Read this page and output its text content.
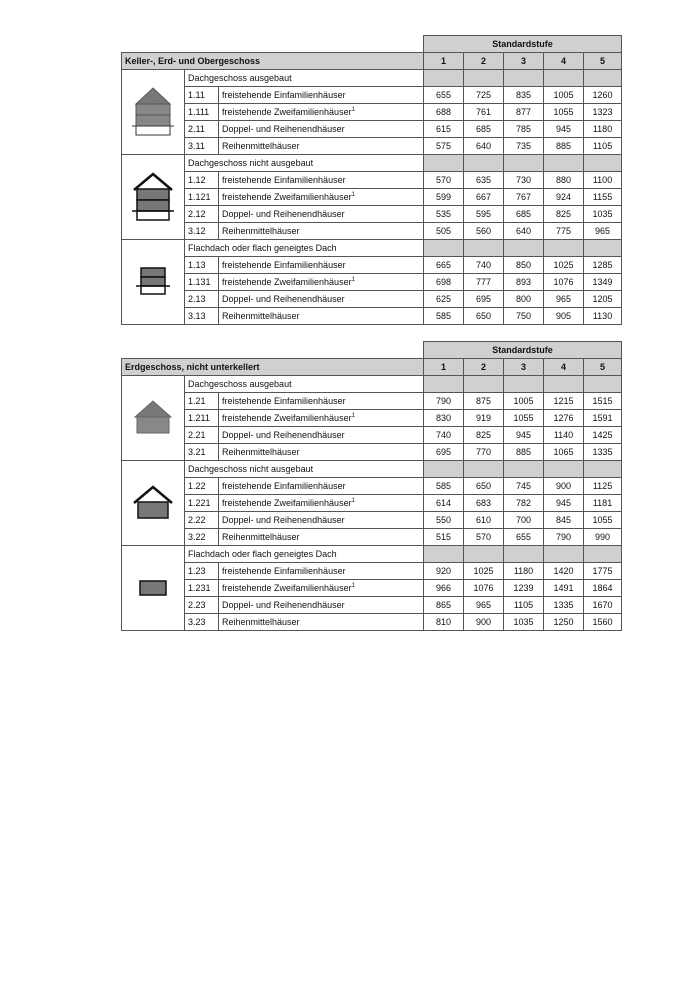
			Standardstufe				
Keller-, Erd- und Obergeschoss			1	2	3	4	5

	Dachgeschoss ausgebaut						
	1.11	freistehende Einfamilienhäuser	655	725	835	1005	1260
	1.111	freistehende Zweifamilienhäuser$^1$	688	761	877	1055	1323
	2.11	Doppel- und Reihenendhäuser	615	685	785	945	1180
	3.11	Reihenmittelhäuser	575	640	735	885	1105

	Dachgeschoss nicht ausgebaut						
	1.12	freistehende Einfamilienhäuser	570	635	730	880	1100
	1.121	freistehende Zweifamilienhäuser$^1$	599	667	767	924	1155
	2.12	Doppel- und Reihenendhäuser	535	595	685	825	1035
	3.12	Reihenmittelhäuser	505	560	640	775	965

	Flachdach oder flach geneigtes Dach						
	1.13	freistehende Einfamilienhäuser	665	740	850	1025	1285
	1.131	freistehende Zweifamilienhäuser$^1$	698	777	893	1076	1349
	2.13	Doppel- und Reihenendhäuser	625	695	800	965	1205
	3.13	Reihenmittelhäuser	585	650	750	905	1130
			Standardstufe				
Erdgeschoss, nicht unterkellert			1	2	3	4	5

	Dachgeschoss ausgebaut						
	1.21	freistehende Einfamilienhäuser	790	875	1005	1215	1515
	1.211	freistehende Zweifamilienhäuser$^1$	830	919	1055	1276	1591
	2.21	Doppel- und Reihenendhäuser	740	825	945	1140	1425
	3.21	Reihenmittelhäuser	695	770	885	1065	1335

	Dachgeschoss nicht ausgebaut						
	1.22	freistehende Einfamilienhäuser	585	650	745	900	1125
	1.221	freistehende Zweifamilienhäuser$^1$	614	683	782	945	1181
	2.22	Doppel- und Reihenendhäuser	550	610	700	845	1055
	3.22	Reihenmittelhäuser	515	570	655	790	990

	Flachdach oder flach geneigtes Dach						
	1.23	freistehende Einfamilienhäuser	920	1025	1180	1420	1775
	1.231	freistehende Zweifamilienhäuser$^1$	966	1076	1239	1491	1864
	2.23	Doppel- und Reihenendhäuser	865	965	1105	1335	1670
	3.23	Reihenmittelhäuser	810	900	1035	1250	1560
